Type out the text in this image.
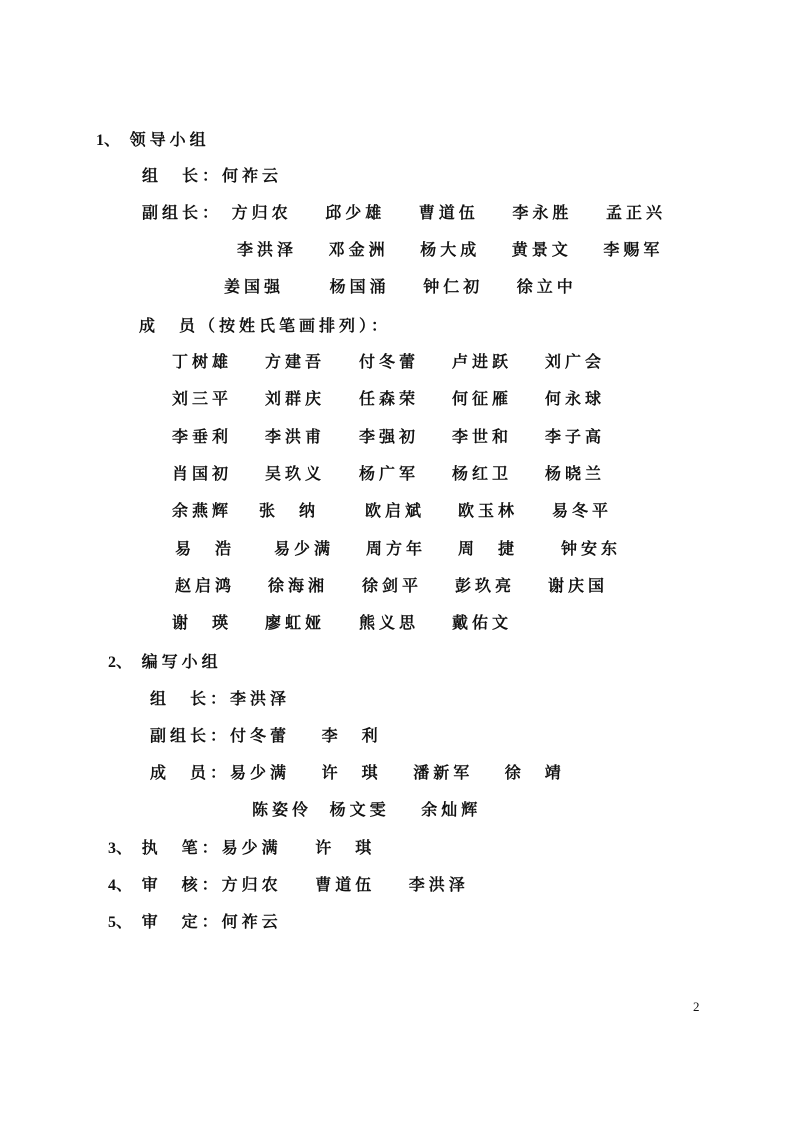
1、 领导小组
组　长：何祚云
副组长： 方归农 邱少雄 曹道伍 李永胜 孟正兴
李洪泽 邓金洲 杨大成 黄景文 李赐军
姜国强	杨国涌 钟仁初 徐立中
成　员（按姓氏笔画排列）：
丁树雄 方建吾 付冬蕾 卢进跃 刘广会
刘三平 刘群庆 任森荣 何征雁 何永球
李垂利 李洪甫 李强初 李世和 李子高
肖国初 吴玖义 杨广军 杨红卫 杨晓兰
余燕辉 张　纳	欧启斌 欧玉林 易冬平
易　浩 易少满 周方年 周　捷	钟安东
赵启鸿 徐海湘 徐剑平 彭玖亮 谢庆国
谢　瑛 廖虹娅 熊义思 戴佑文
2、 编写小组
组　长：李洪泽
副组长：付冬蕾 李　利
成　员：易少满 许　琪 潘新军 徐　靖
陈姿伶 杨文雯 余灿辉
3、 执　笔：易少满 许　琪
4、 审　核：方归农 曹道伍 李洪泽
5、 审　定：何祚云
2
